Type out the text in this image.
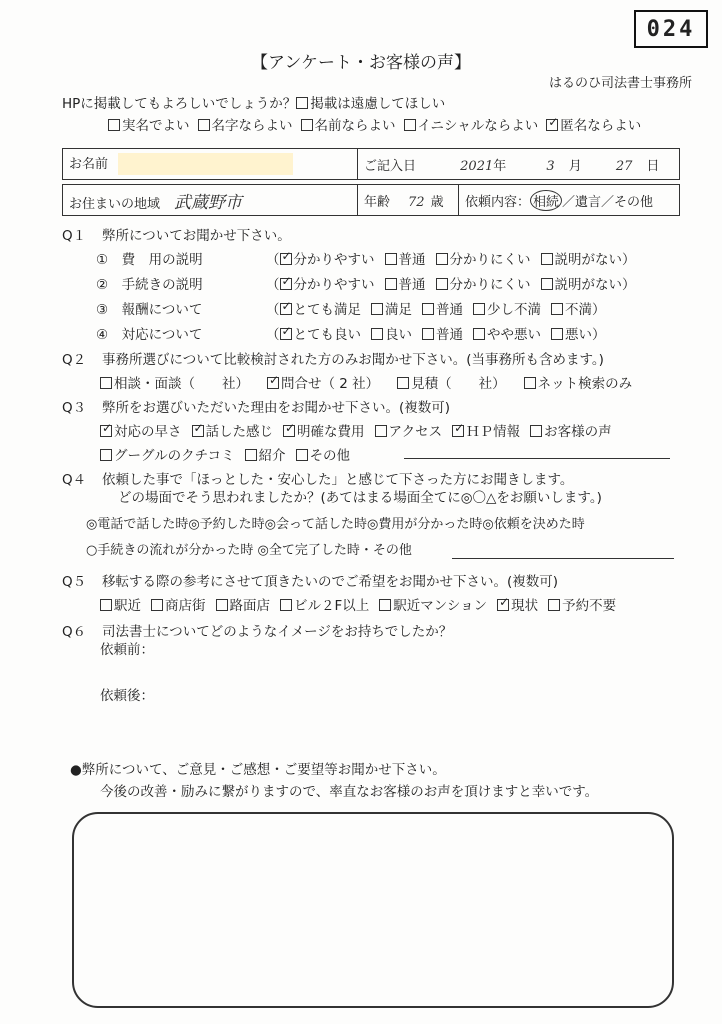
024
【アンケート・お客様の声】
はるのひ司法書士事務所
HPに掲載してもよろしいでしょうか？ 掲載は遠慮してほしい
実名でよい 名字ならよい 名前ならよい イニシャルならよい ✓ 匿名ならよい
お名前	ご記入日	2021年	3 月	27 日
お住まいの地域 武蔵野市	年齢 72 歳	依頼内容： 相続 ／遺言／その他
Q１ 弊所についてお聞かせ下さい。
①　費　用の説明	（ ✓ 分かりやすい 普通 分かりにくい 説明がない）
②　手続きの説明	（ ✓ 分かりやすい 普通 分かりにくい 説明がない）
③　報酬について	（ ✓ とても満足 満足 普通 少し不満 不満）
④　対応について	（ ✓ とても良い 良い 普通 やや悪い 悪い）
Q２ 事務所選びについて比較検討された方のみお聞かせ下さい。(当事務所も含めます。)
相談・面談（　　社） ✓ 問合せ（ 2 社） 見積（　　社） ネット検索のみ
Q３ 弊所をお選びいただいた理由をお聞かせ下さい。(複数可)
✓対応の早さ ✓ 話した感じ ✓ 明確な費用 アクセス ✓ ＨＰ情報 お客様の声
グーグルのクチコミ 紹介 その他
Q４ 依頼した事で「ほっとした・安心した」と感じて下さった方にお聞きします。
どの場面でそう思われましたか？(あてはまる場面全てに◎〇△をお願いします。)
◎電話で話した時◎予約した時◎会って話した時◎費用が分かった時◎依頼を決めた時
○手続きの流れが分かった時 ◎全て完了した時・その他
Q５ 移転する際の参考にさせて頂きたいのでご希望をお聞かせ下さい。(複数可)
駅近 商店街 路面店 ビル２F以上 駅近マンション ✓ 現状 予約不要
Q６ 司法書士についてどのようなイメージをお持ちでしたか？
依頼前：
依頼後：
●弊所について、ご意見・ご感想・ご要望等お聞かせ下さい。
今後の改善・励みに繋がりますので、率直なお客様のお声を頂けますと幸いです。
